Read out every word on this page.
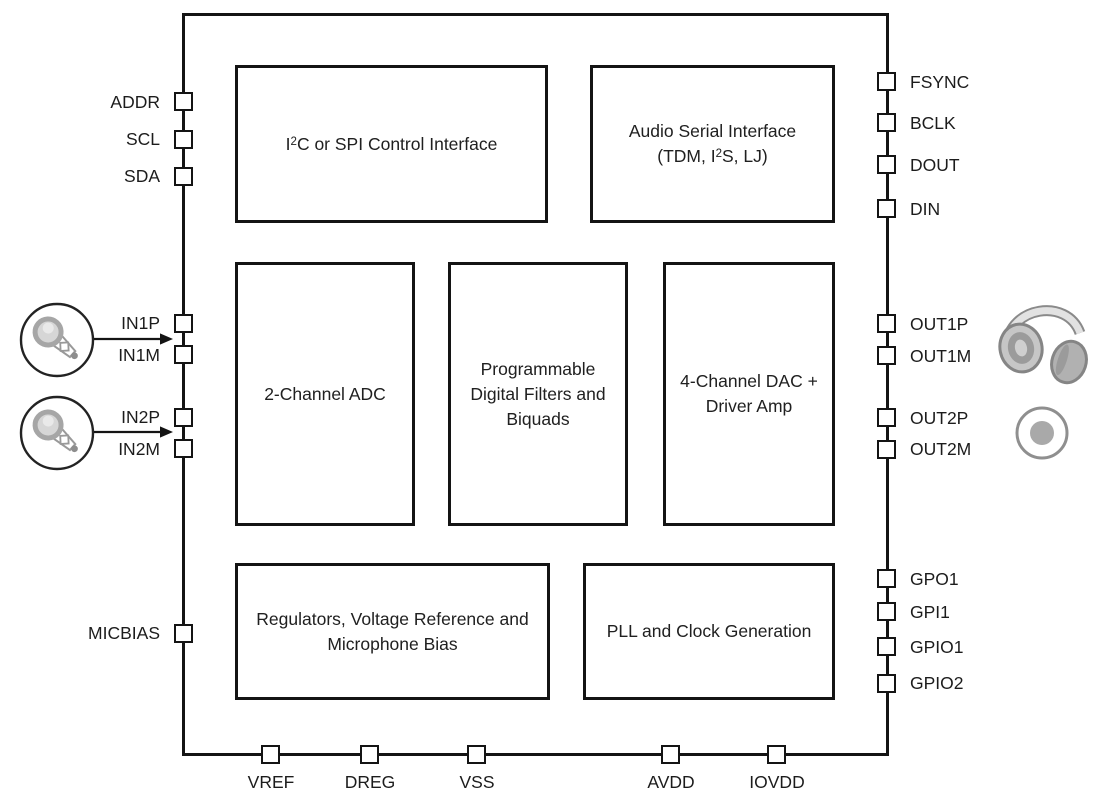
$I^2C$ or SPI Control Interface
Audio Serial Interface
(TDM, $I^2S$, LJ)
2-Channel ADC
Programmable Digital Filters and Biquads
4-Channel DAC + Driver Amp
Regulators, Voltage Reference and Microphone Bias
PLL and Clock Generation
ADDR
SCL
SDA
IN1P
IN1M
IN2P
IN2M
MICBIAS
FSYNC
BCLK
DOUT
DIN
OUT1P
OUT1M
OUT2P
OUT2M
GPO1
GPI1
GPIO1
GPIO2
VREF	DREG	VSS	AVDD	IOVDD
